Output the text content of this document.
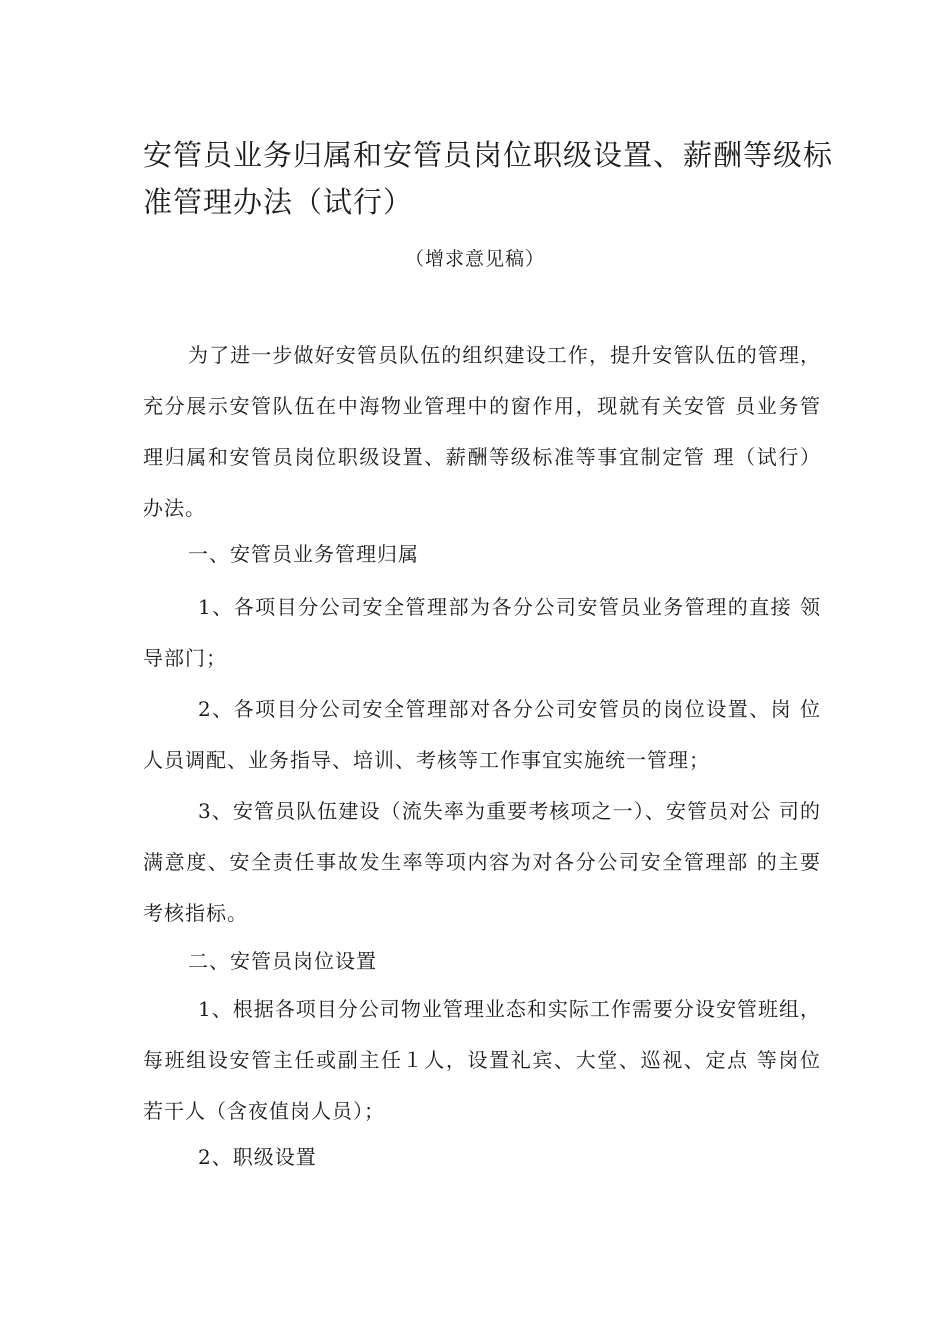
安管员业务归属和安管员岗位职级设置、薪酬等级标准管理办法（试行）
（增求意见稿）

为了进一步做好安管员队伍的组织建设工作，提升安管队伍的管理，充分展示安管队伍在中海物业管理中的窗作用，现就有关安管 员业务管理归属和安管员岗位职级设置、薪酬等级标准等事宜制定管 理（试行）办法。

一、安管员业务管理归属

1、各项目分公司安全管理部为各分公司安管员业务管理的直接 领导部门；

2、各项目分公司安全管理部对各分公司安管员的岗位设置、岗 位人员调配、业务指导、培训、考核等工作事宜实施统一管理；

3、安管员队伍建设（流失率为重要考核项之一）、安管员对公 司的满意度、安全责任事故发生率等项内容为对各分公司安全管理部 的主要考核指标。

二、安管员岗位设置

1、根据各项目分公司物业管理业态和实际工作需要分设安管班组，每班组设安管主任或副主任１人，设置礼宾、大堂、巡视、定点 等岗位若干人（含夜值岗人员）；

2、职级设置
